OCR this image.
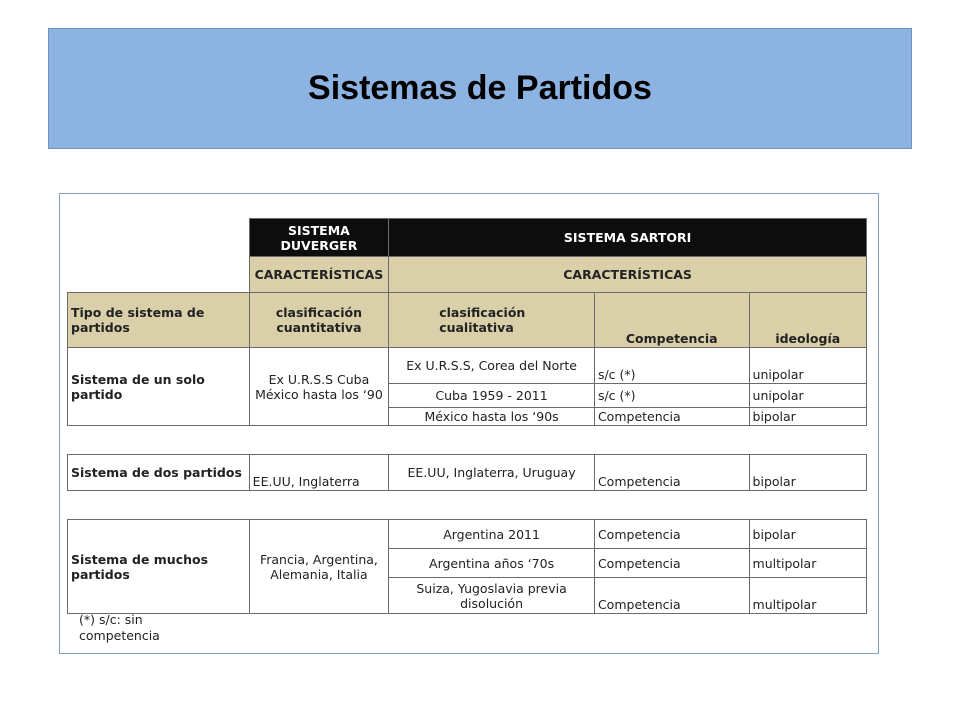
Sistemas de Partidos
	SISTEMA DUVERGER	SISTEMA SARTORI		
	CARACTERÍSTICAS	CARACTERÍSTICAS		
Tipo de sistema de partidos	clasificación cuantitativa	clasificación cualitativa	Competencia	ideología
Sistema de un solo partido	Ex U.R.S.S Cuba México hasta los ‘90	Ex U.R.S.S, Corea del Norte	s/c (*)	unipolar
		Cuba 1959 - 2011	s/c (*)	unipolar
		México hasta los ‘90s	Competencia	bipolar
Sistema de dos partidos	EE.UU, Inglaterra	EE.UU, Inglaterra, Uruguay	Competencia	bipolar
Sistema de muchos partidos	Francia, Argentina, Alemania, Italia	Argentina 2011	Competencia	bipolar
		Argentina años ‘70s	Competencia	multipolar
		Suiza, Yugoslavia previa disolución	Competencia	multipolar
(*) s/c: sin competencia
